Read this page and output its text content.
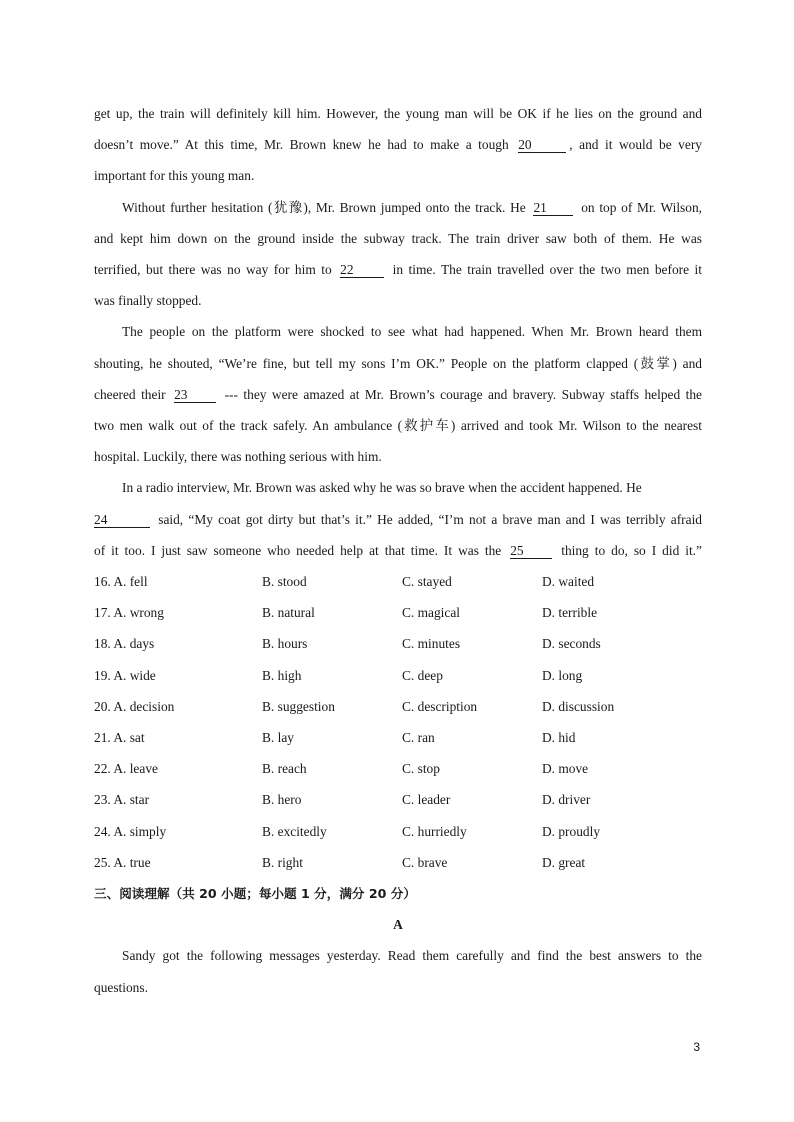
get up, the train will definitely kill him. However, the young man will be OK if he lies on the ground and
doesn’t move.” At this time, Mr. Brown knew he had to make a tough 20	, and it would be very
important for this young man.
Without further hesitation (犹豫), Mr. Brown jumped onto the track. He 21	on top of Mr. Wilson,
and kept him down on the ground inside the subway track. The train driver saw both of them. He was
terrified, but there was no way for him to 22	in time. The train travelled over the two men before it
was finally stopped.
The people on the platform were shocked to see what had happened. When Mr. Brown heard them
shouting, he shouted, “We’re fine, but tell my sons I’m OK.” People on the platform clapped (鼓掌) and
cheered their 23	--- they were amazed at Mr. Brown’s courage and bravery. Subway staffs helped the
two men walk out of the track safely. An ambulance (救护车) arrived and took Mr. Wilson to the nearest
hospital. Luckily, there was nothing serious with him.
In a radio interview, Mr. Brown was asked why he was so brave when the accident happened. He
24	said, “My coat got dirty but that’s it.” He added, “I’m not a brave man and I was terribly afraid
of it too. I just saw someone who needed help at that time. It was the 25	thing to do, so I did it.”
16. A. fell	B. stood	C. stayed	D. waited
17. A. wrong	B. natural	C. magical	D. terrible
18. A. days	B. hours	C. minutes	D. seconds
19. A. wide	B. high	C. deep	D. long
20. A. decision	B. suggestion	C. description	D. discussion
21. A. sat	B. lay	C. ran	D. hid
22. A. leave	B. reach	C. stop	D. move
23. A. star	B. hero	C. leader	D. driver
24. A. simply	B. excitedly	C. hurriedly	D. proudly
25. A. true	B. right	C. brave	D. great
三、阅读理解（共 20 小题；每小题 1 分，满分 20 分）
A
Sandy got the following messages yesterday. Read them carefully and find the best answers to the
questions.
3
